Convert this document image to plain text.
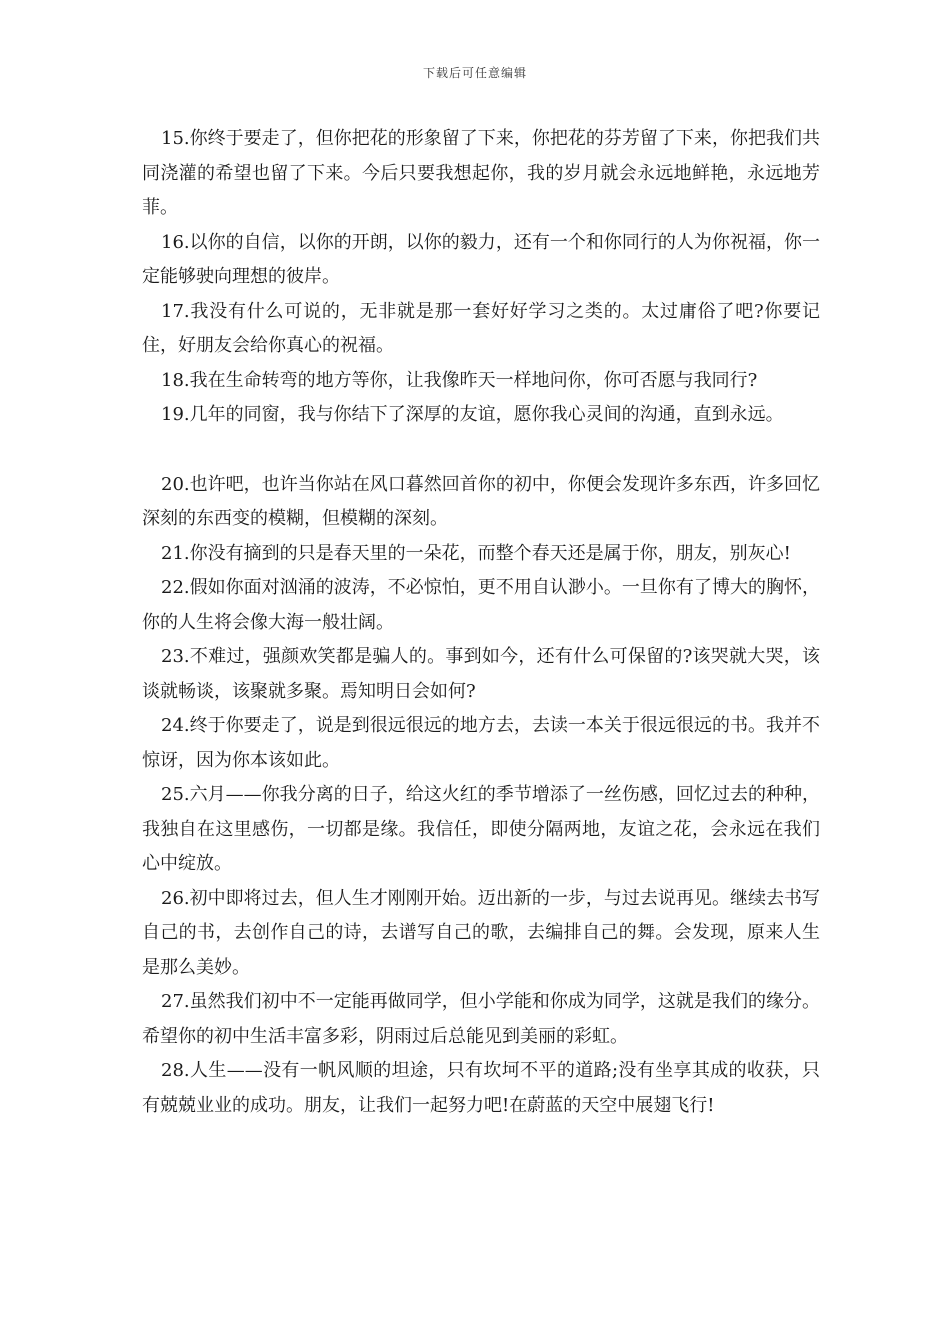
下载后可任意编辑

15.你终于要走了，但你把花的形象留了下来，你把花的芬芳留了下来，你把我们共同浇灌的希望也留了下来。今后只要我想起你，我的岁月就会永远地鲜艳，永远地芳菲。

16.以你的自信，以你的开朗，以你的毅力，还有一个和你同行的人为你祝福，你一定能够驶向理想的彼岸。

17.我没有什么可说的，无非就是那一套好好学习之类的。太过庸俗了吧?你要记住，好朋友会给你真心的祝福。

18.我在生命转弯的地方等你，让我像昨天一样地问你，你可否愿与我同行?

19.几年的同窗，我与你结下了深厚的友谊，愿你我心灵间的沟通，直到永远。

20.也许吧，也许当你站在风口暮然回首你的初中，你便会发现许多东西，许多回忆深刻的东西变的模糊，但模糊的深刻。

21.你没有摘到的只是春天里的一朵花，而整个春天还是属于你，朋友，别灰心!

22.假如你面对汹涌的波涛，不必惊怕，更不用自认渺小。一旦你有了博大的胸怀，你的人生将会像大海一般壮阔。

23.不难过，强颜欢笑都是骗人的。事到如今，还有什么可保留的?该哭就大哭，该谈就畅谈，该聚就多聚。焉知明日会如何?

24.终于你要走了，说是到很远很远的地方去，去读一本关于很远很远的书。我并不惊讶，因为你本该如此。

25.六月——你我分离的日子，给这火红的季节增添了一丝伤感，回忆过去的种种，我独自在这里感伤，一切都是缘。我信任，即使分隔两地，友谊之花，会永远在我们心中绽放。

26.初中即将过去，但人生才刚刚开始。迈出新的一步，与过去说再见。继续去书写自己的书，去创作自己的诗，去谱写自己的歌，去编排自己的舞。会发现，原来人生是那么美妙。

27.虽然我们初中不一定能再做同学，但小学能和你成为同学，这就是我们的缘分。希望你的初中生活丰富多彩，阴雨过后总能见到美丽的彩虹。

28.人生——没有一帆风顺的坦途，只有坎坷不平的道路;没有坐享其成的收获，只有兢兢业业的成功。朋友，让我们一起努力吧!在蔚蓝的天空中展翅飞行!
